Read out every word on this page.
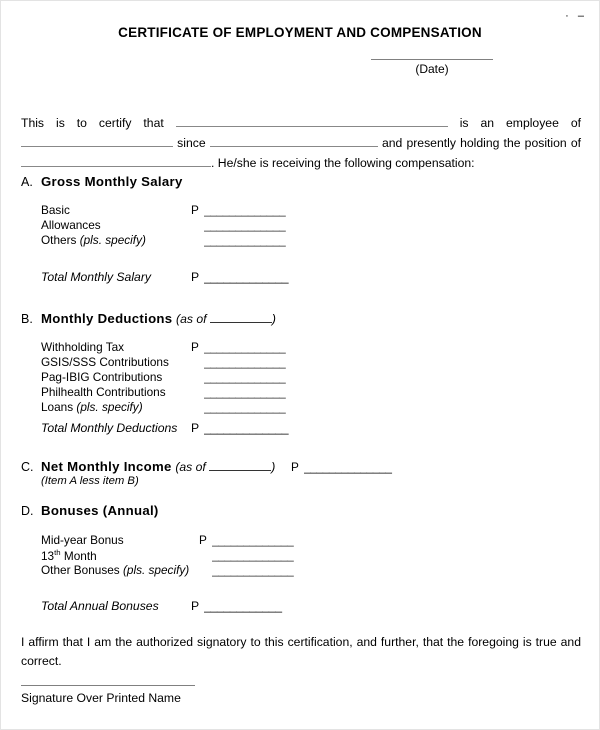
· –
CERTIFICATE OF EMPLOYMENT AND COMPENSATION
(Date)
This is to certify that	is an employee of  since	and presently holding the position of . He/she is receiving the following compensation:
A. Gross Monthly Salary
Basic	P _____________
Allowances	_____________
Others (pls. specify)	_____________
Total Monthly Salary	P _____________
B. Monthly Deductions (as of	)
Withholding Tax	P _____________
GSIS/SSS Contributions	_____________
Pag-IBIG Contributions	_____________
Philhealth Contributions	_____________
Loans (pls. specify)	_____________
Total Monthly Deductions P _____________
C. Net Monthly Income (as of	) P ______________
(Item A less item B)
D. Bonuses (Annual)
Mid-year Bonus	P _____________
13th Month	_____________
Other Bonuses (pls. specify) _____________
Total Annual Bonuses	P ____________
I affirm that I am the authorized signatory to this certification, and further, that the foregoing is true and correct.
Signature Over Printed Name
